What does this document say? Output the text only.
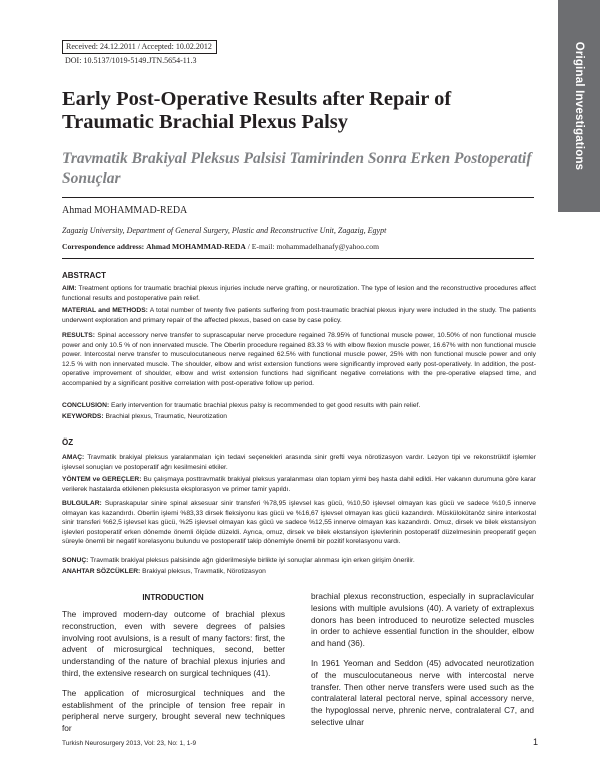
Original Investigations
Received: 24.12.2011 / Accepted: 10.02.2012
DOI: 10.5137/1019-5149.JTN.5654-11.3
Early Post-Operative Results after Repair of Traumatic Brachial Plexus Palsy
Travmatik Brakiyal Pleksus Palsisi Tamirinden Sonra Erken Postoperatif Sonuçlar
Ahmad MOHAMMAD-REDA
Zagazig University, Department of General Surgery, Plastic and Reconstructive Unit, Zagazig, Egypt
Correspondence address: Ahmad MOHAMMAD-REDA / E-mail: mohammadelhanafy@yahoo.com
ABSTRACT
AIM: Treatment options for traumatic brachial plexus injuries include nerve grafting, or neurotization. The type of lesion and the reconstructive procedures affect functional results and postoperative pain relief.
MATERIAL and METHODS: A total number of twenty five patients suffering from post-traumatic brachial plexus injury were included in the study. The patients underwent exploration and primary repair of the affected plexus, based on case by case policy.
RESULTS: Spinal accessory nerve transfer to suprascapular nerve procedure regained 78.95% of functional muscle power, 10.50% of non functional muscle power and only 10.5 % of non innervated muscle. The Oberlin procedure regained 83.33 % with elbow flexion muscle power, 16.67% with non functional muscle power. Intercostal nerve transfer to musculocutaneous nerve regained 62.5% with functional muscle power, 25% with non functional muscle power and only 12.5 % with non innervated muscle. The shoulder, elbow and wrist extension functions were significantly improved early post-operatively. In addition, the post-operative improvement of shoulder, elbow and wrist extension functions had significant negative correlations with the pre-operative elapsed time, and accompanied by a significant positive correlation with post-operative follow up period.
CONCLUSION: Early intervention for traumatic brachial plexus palsy is recommended to get good results with pain relief.
KEYWORDS: Brachial plexus, Traumatic, Neurotization
ÖZ
AMAÇ: Travmatik brakiyal pleksus yaralanmaları için tedavi seçenekleri arasında sinir grefti veya nörotizasyon vardır. Lezyon tipi ve rekonstrüktif işlemler işlevsel sonuçları ve postoperatif ağrı kesilmesini etkiler.
YÖNTEM ve GEREÇLER: Bu çalışmaya posttravmatik brakiyal pleksus yaralanması olan toplam yirmi beş hasta dahil edildi. Her vakanın durumuna göre karar verilerek hastalarda etkilenen pleksusta eksplorasyon ve primer tamir yapıldı.
BULGULAR: Supraskapular sinire spinal aksesuar sinir transferi %78,95 işlevsel kas gücü, %10,50 işlevsel olmayan kas gücü ve sadece %10,5 innerve olmayan kas kazandırdı. Oberlin işlemi %83,33 dirsek fleksiyonu kas gücü ve %16,67 işlevsel olmayan kas gücü kazandırdı. Müskülokütanöz sinire interkostal sinir transferi %62,5 işlevsel kas gücü, %25 işlevsel olmayan kas gücü ve sadece %12,55 innerve olmayan kas kazandırdı. Omuz, dirsek ve bilek ekstansiyon işlevleri postoperatif erken dönemde önemli ölçüde düzeldi. Ayrıca, omuz, dirsek ve bilek ekstansiyon işlevlerinin postoperatif düzelmesinin preoperatif geçen süreyle önemli bir negatif korelasyonu bulundu ve postoperatif takip dönemiyle önemli bir pozitif korelasyonu vardı.
SONUÇ: Travmatik brakiyal pleksus palsisinde ağrı giderilmesiyle birlikte iyi sonuçlar alınması için erken girişim önerilir.
ANAHTAR SÖZCÜKLER: Brakiyal pleksus, Travmatik, Nörotizasyon
INTRODUCTION

The improved modern-day outcome of brachial plexus reconstruction, even with severe degrees of palsies involving root avulsions, is a result of many factors: first, the advent of microsurgical techniques, second, better understanding of the nature of brachial plexus injuries and third, the extensive research on surgical techniques (41).

The application of microsurgical techniques and the establishment of the principle of tension free repair in peripheral nerve surgery, brought several new techniques for

brachial plexus reconstruction, especially in supraclavicular lesions with multiple avulsions (40). A variety of extraplexus donors has been introduced to neurotize selected muscles in order to achieve essential function in the shoulder, elbow and hand (36).

In 1961 Yeoman and Seddon (45) advocated neurotization of the musculocutaneous nerve with intercostal nerve transfer. Then other nerve transfers were used such as the contralateral lateral pectoral nerve, spinal accessory nerve, the hypoglossal nerve, phrenic nerve, contralateral C7, and selective ulnar

Turkish Neurosurgery 2013, Vol: 23, No: 1, 1-9	1
